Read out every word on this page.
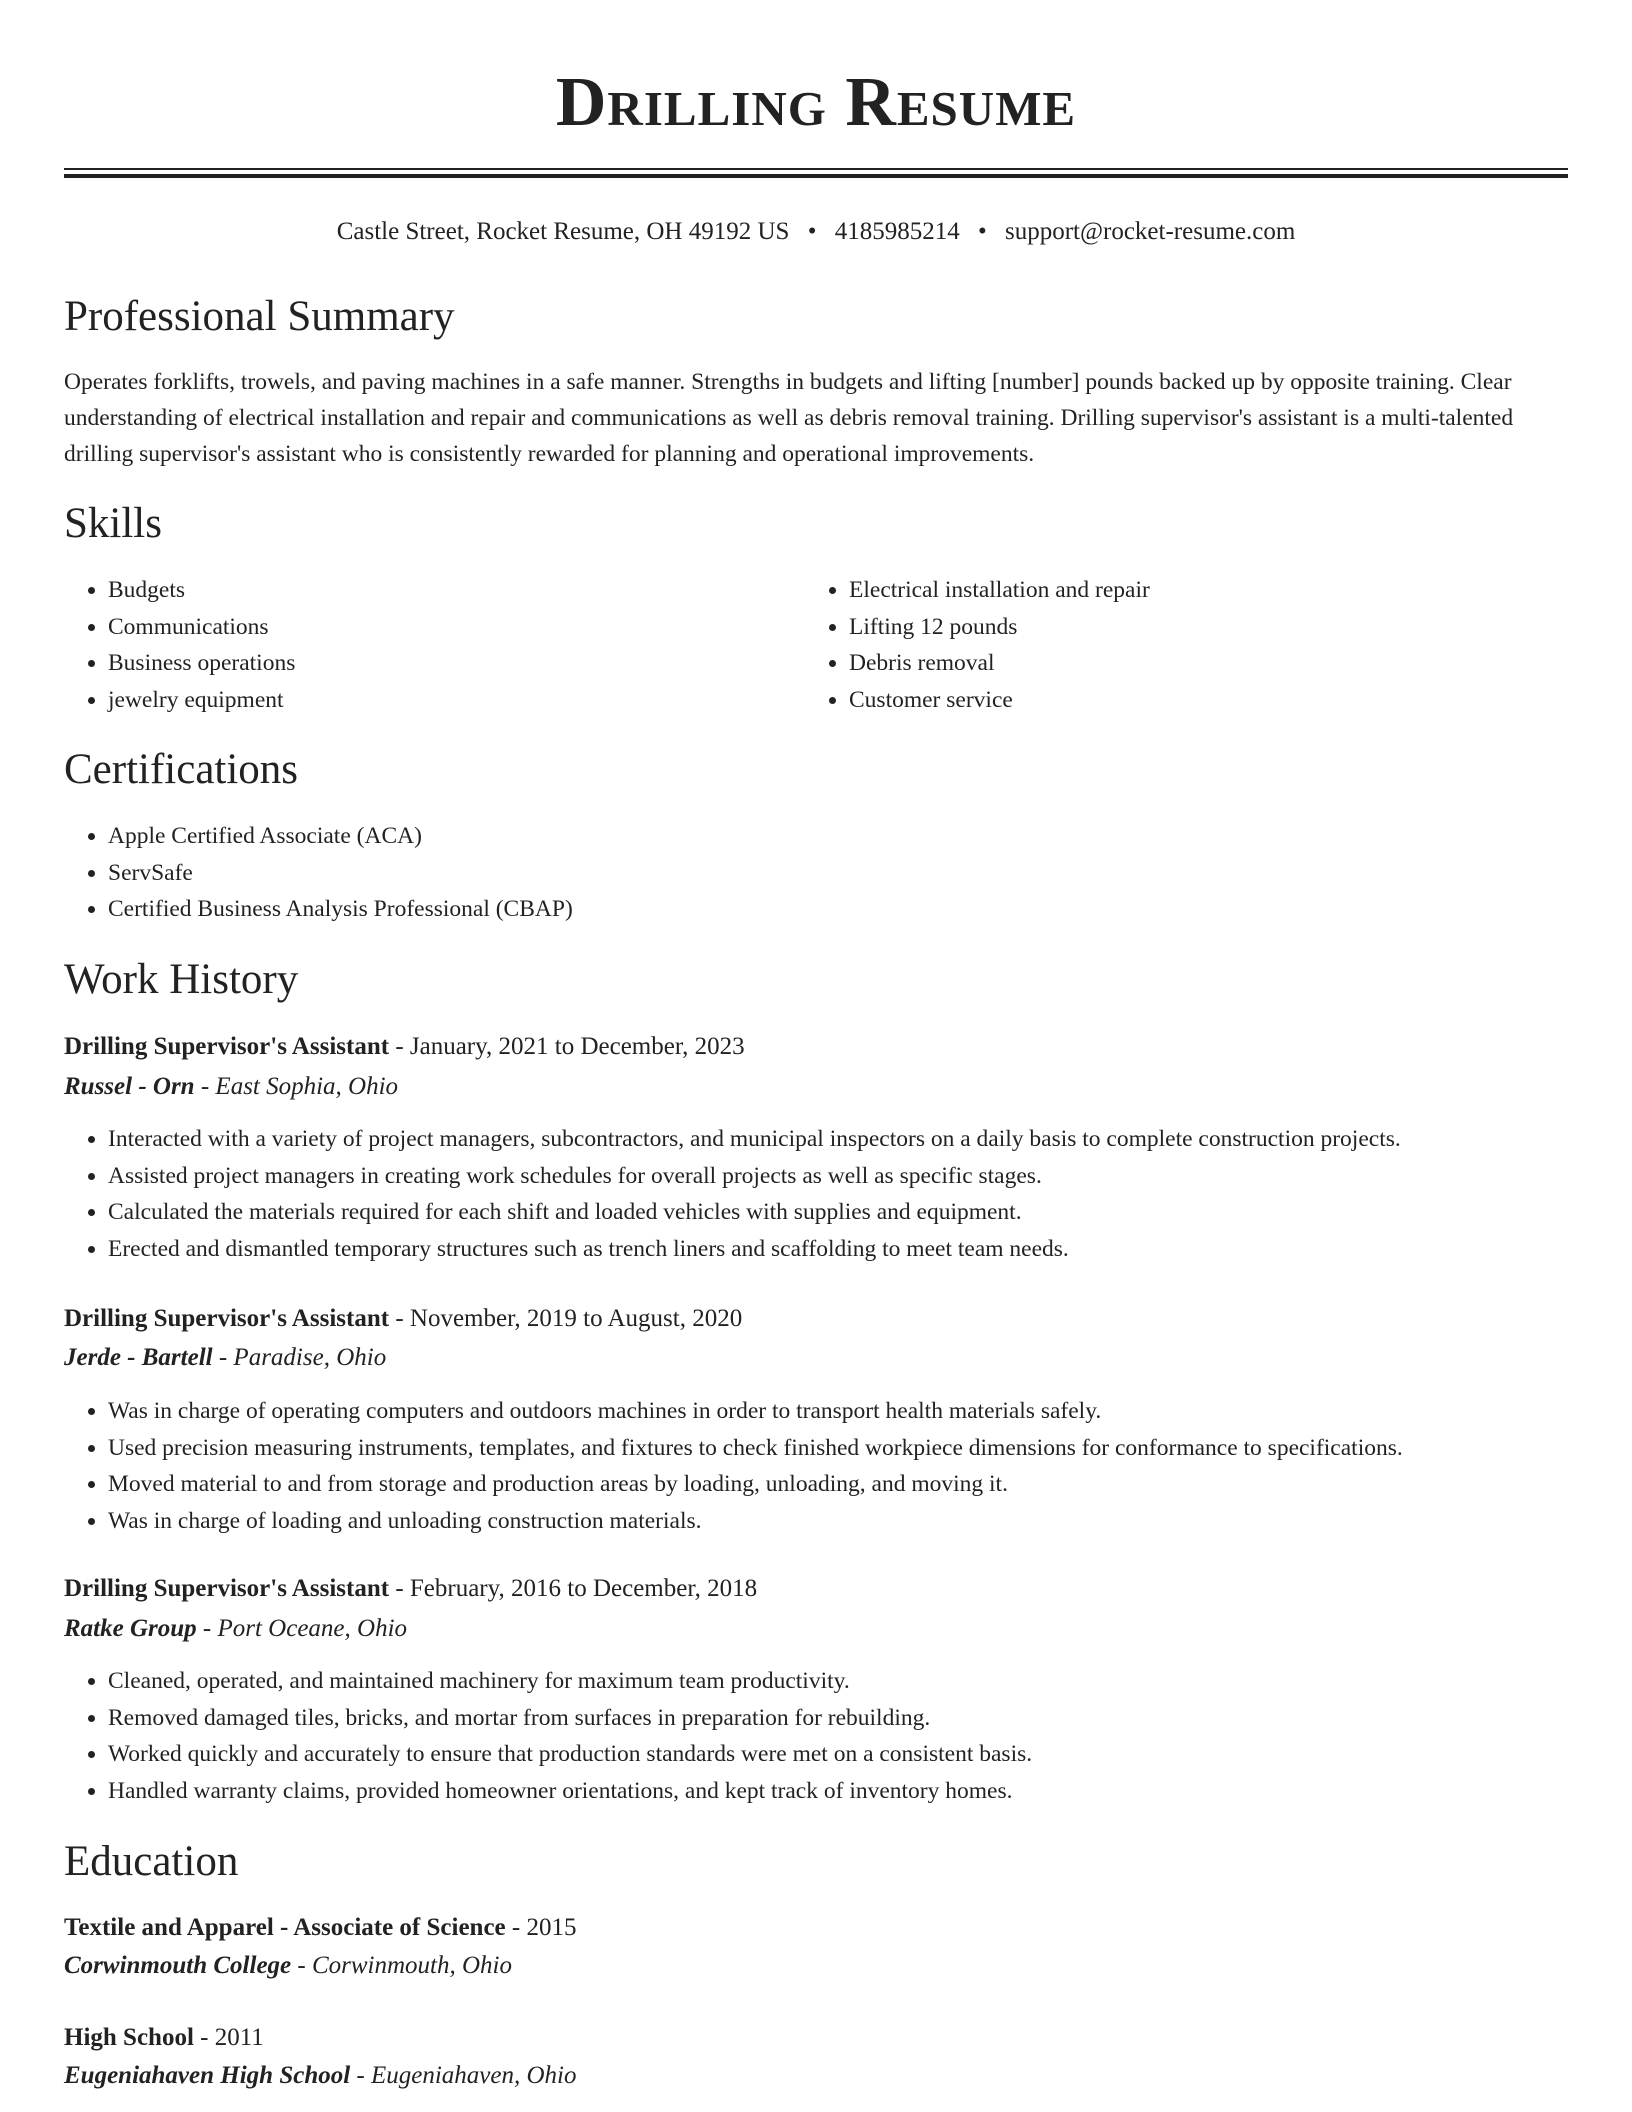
Drilling Resume
Castle Street, Rocket Resume, OH 49192 US • 4185985214 • support@rocket-resume.com
Professional Summary
Operates forklifts, trowels, and paving machines in a safe manner. Strengths in budgets and lifting [number] pounds backed up by opposite training. Clear understanding of electrical installation and repair and communications as well as debris removal training. Drilling supervisor's assistant is a multi-talented drilling supervisor's assistant who is consistently rewarded for planning and operational improvements.
Skills
• Budgets
• Communications
• Business operations
• jewelry equipment
• Electrical installation and repair
• Lifting 12 pounds
• Debris removal
• Customer service
Certifications
• Apple Certified Associate (ACA)
• ServSafe
• Certified Business Analysis Professional (CBAP)
Work History
Drilling Supervisor's Assistant - January, 2021 to December, 2023
Russel - Orn - East Sophia, Ohio
• Interacted with a variety of project managers, subcontractors, and municipal inspectors on a daily basis to complete construction projects.
• Assisted project managers in creating work schedules for overall projects as well as specific stages.
• Calculated the materials required for each shift and loaded vehicles with supplies and equipment.
• Erected and dismantled temporary structures such as trench liners and scaffolding to meet team needs.
Drilling Supervisor's Assistant - November, 2019 to August, 2020
Jerde - Bartell - Paradise, Ohio
• Was in charge of operating computers and outdoors machines in order to transport health materials safely.
• Used precision measuring instruments, templates, and fixtures to check finished workpiece dimensions for conformance to specifications.
• Moved material to and from storage and production areas by loading, unloading, and moving it.
• Was in charge of loading and unloading construction materials.
Drilling Supervisor's Assistant - February, 2016 to December, 2018
Ratke Group - Port Oceane, Ohio
• Cleaned, operated, and maintained machinery for maximum team productivity.
• Removed damaged tiles, bricks, and mortar from surfaces in preparation for rebuilding.
• Worked quickly and accurately to ensure that production standards were met on a consistent basis.
• Handled warranty claims, provided homeowner orientations, and kept track of inventory homes.
Education
Textile and Apparel - Associate of Science - 2015
Corwinmouth College - Corwinmouth, Ohio
High School - 2011
Eugeniahaven High School - Eugeniahaven, Ohio
